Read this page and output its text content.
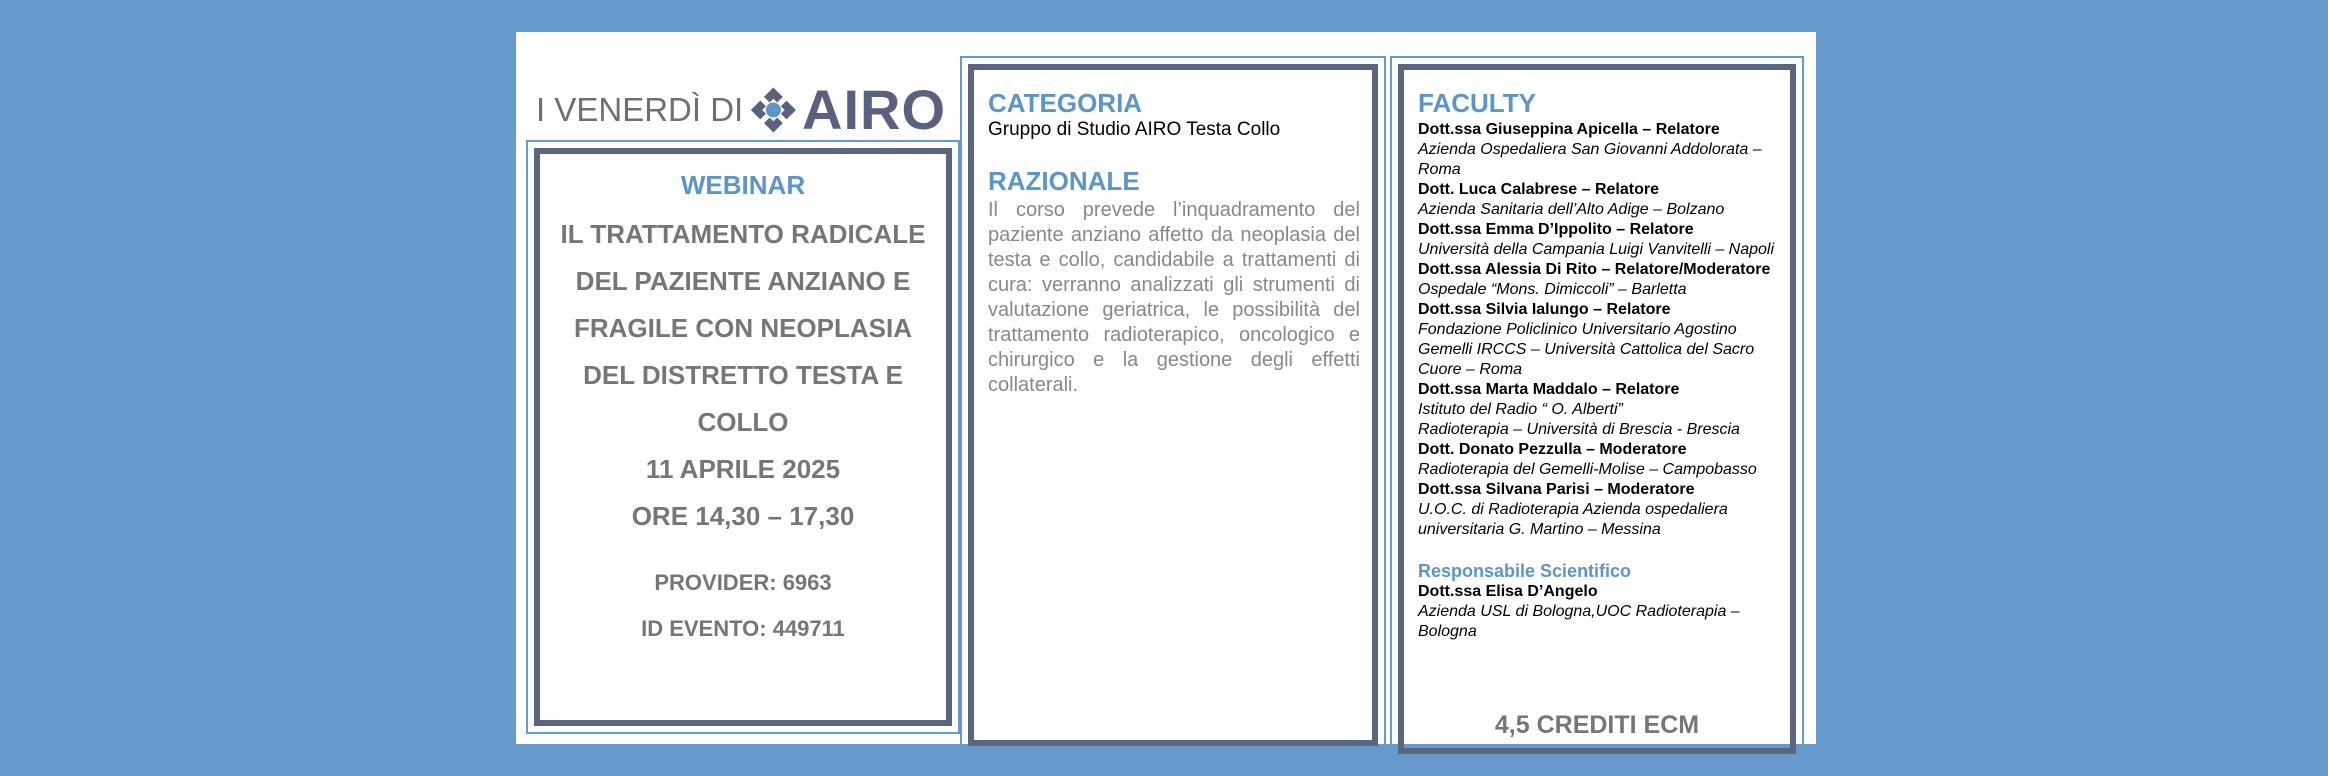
I VENERDÌ DI AIRO
WEBINAR
IL TRATTAMENTO RADICALE
DEL PAZIENTE ANZIANO E
FRAGILE CON NEOPLASIA
DEL DISTRETTO TESTA E
COLLO
11 APRILE 2025
ORE 14,30 – 17,30
PROVIDER: 6963
ID EVENTO: 449711
CATEGORIA
Gruppo di Studio AIRO Testa Collo
RAZIONALE
Il corso prevede l’inquadramento del paziente anziano affetto da neoplasia del testa e collo, candidabile a trattamenti di cura: verranno analizzati gli strumenti di valutazione geriatrica, le possibilità del trattamento radioterapico, oncologico e chirurgico e la gestione degli effetti collaterali.
FACULTY
Dott.ssa Giuseppina Apicella – Relatore
Azienda Ospedaliera San Giovanni Addolorata –
Roma
Dott. Luca Calabrese – Relatore
Azienda Sanitaria dell’Alto Adige – Bolzano
Dott.ssa Emma D’Ippolito – Relatore
Università della Campania Luigi Vanvitelli – Napoli
Dott.ssa Alessia Di Rito – Relatore/Moderatore
Ospedale “Mons. Dimiccoli” – Barletta
Dott.ssa Silvia Ialungo – Relatore
Fondazione Policlinico Universitario Agostino
Gemelli IRCCS – Università Cattolica del Sacro
Cuore – Roma
Dott.ssa Marta Maddalo – Relatore
Istituto del Radio “ O. Alberti”
Radioterapia – Università di Brescia - Brescia
Dott. Donato Pezzulla – Moderatore
Radioterapia del Gemelli-Molise – Campobasso
Dott.ssa Silvana Parisi – Moderatore
U.O.C. di Radioterapia Azienda ospedaliera
universitaria G. Martino – Messina
Responsabile Scientifico
Dott.ssa Elisa D’Angelo
Azienda USL di Bologna,UOC Radioterapia –
Bologna
4,5 CREDITI ECM
